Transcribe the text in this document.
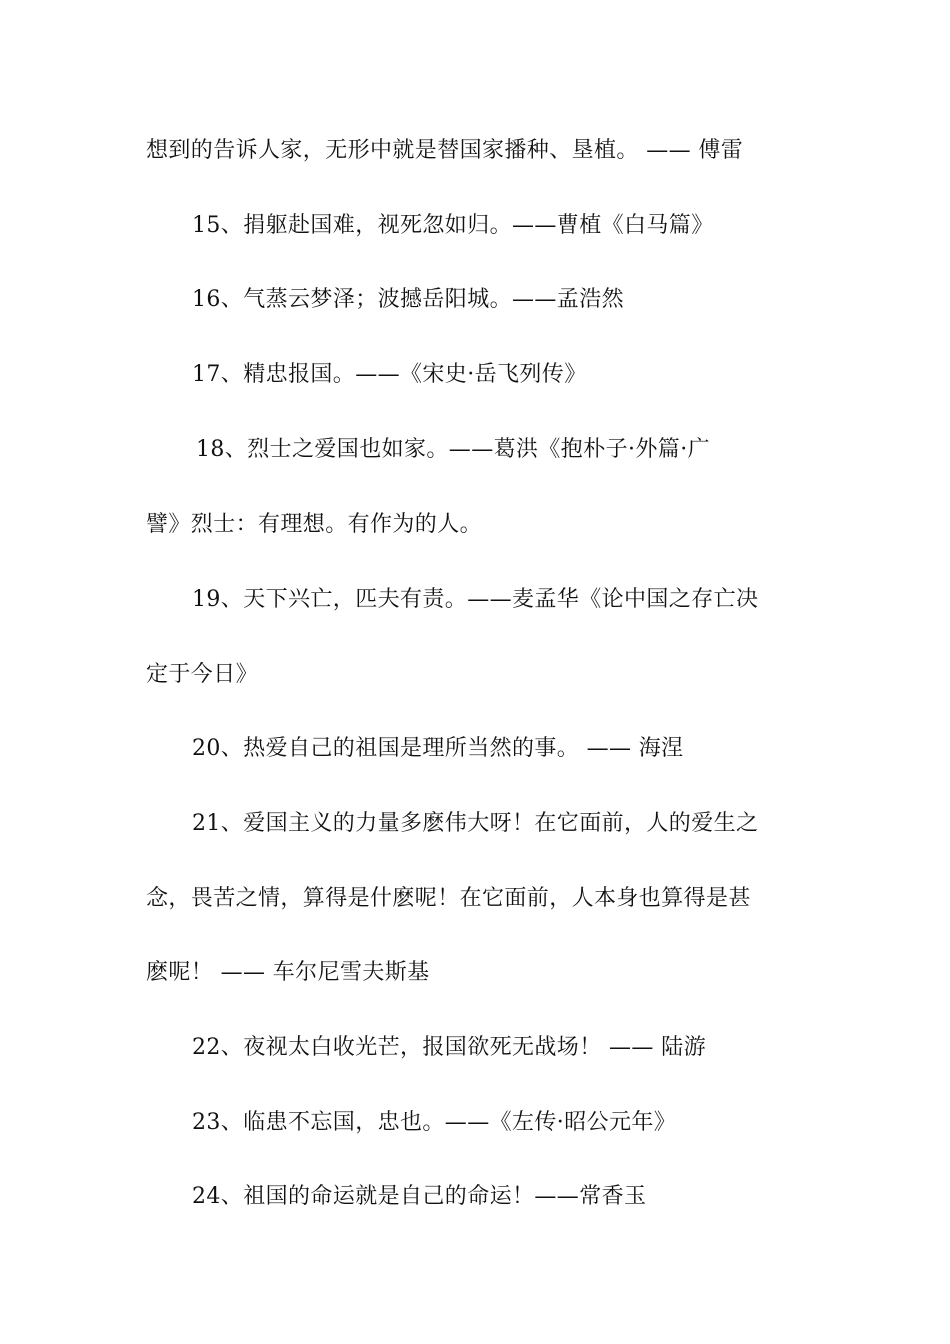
想到的告诉人家，无形中就是替国家播种、垦植。 —— 傅雷
15、捐躯赴国难，视死忽如归。——曹植《白马篇》
16、气蒸云梦泽；波撼岳阳城。——孟浩然
17、精忠报国。——《宋史·岳飞列传》
18、烈士之爱国也如家。——葛洪《抱朴子·外篇·广
譬》烈士：有理想。有作为的人。
19、天下兴亡，匹夫有责。——麦孟华《论中国之存亡决
定于今日》
20、热爱自己的祖国是理所当然的事。 —— 海涅
21、爱国主义的力量多麽伟大呀！在它面前，人的爱生之
念，畏苦之情，算得是什麽呢！在它面前，人本身也算得是甚
麽呢！ —— 车尔尼雪夫斯基
22、夜视太白收光芒，报国欲死无战场！ —— 陆游
23、临患不忘国，忠也。——《左传·昭公元年》
24、祖国的命运就是自己的命运！——常香玉
